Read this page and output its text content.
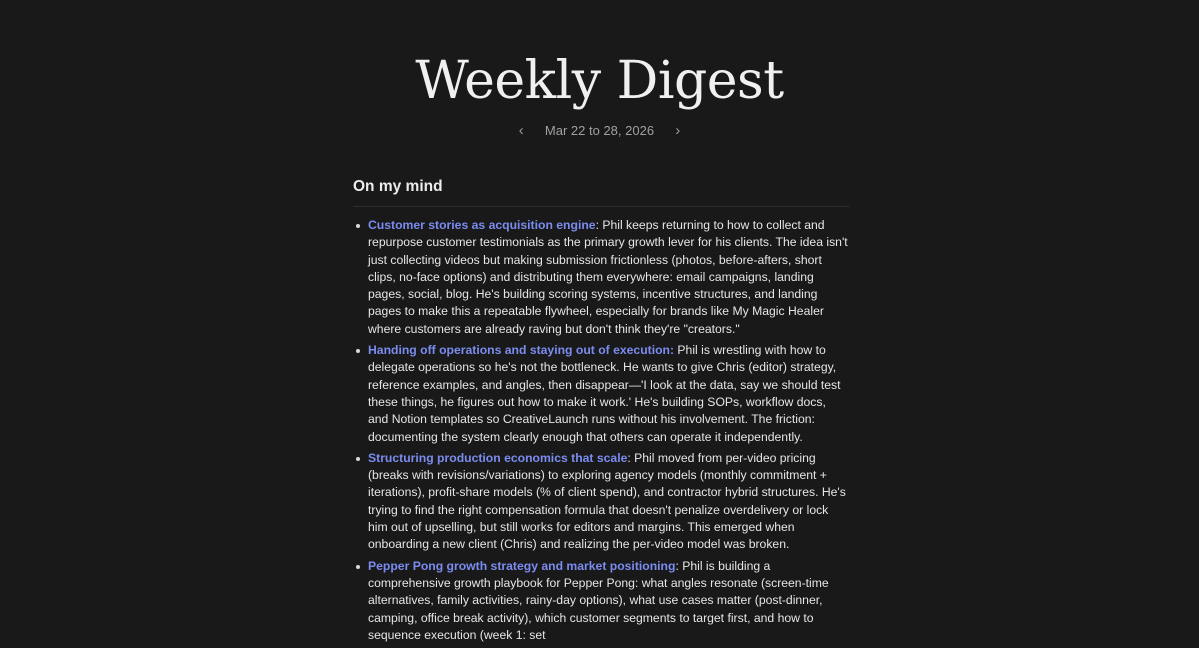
Weekly Digest
‹ Mar 22 to 28, 2026 ›
On my mind
Customer stories as acquisition engine: Phil keeps returning to how to collect and repurpose customer testimonials as the primary growth lever for his clients. The idea isn't just collecting videos but making submission frictionless (photos, before-afters, short clips, no-face options) and distributing them everywhere: email campaigns, landing pages, social, blog. He's building scoring systems, incentive structures, and landing pages to make this a repeatable flywheel, especially for brands like My Magic Healer where customers are already raving but don't think they're "creators."
Handing off operations and staying out of execution: Phil is wrestling with how to delegate operations so he's not the bottleneck. He wants to give Chris (editor) strategy, reference examples, and angles, then disappear—'I look at the data, say we should test these things, he figures out how to make it work.' He's building SOPs, workflow docs, and Notion templates so CreativeLaunch runs without his involvement. The friction: documenting the system clearly enough that others can operate it independently.
Structuring production economics that scale: Phil moved from per-video pricing (breaks with revisions/variations) to exploring agency models (monthly commitment + iterations), profit-share models (% of client spend), and contractor hybrid structures. He's trying to find the right compensation formula that doesn't penalize overdelivery or lock him out of upselling, but still works for editors and margins. This emerged when onboarding a new client (Chris) and realizing the per-video model was broken.
Pepper Pong growth strategy and market positioning: Phil is building a comprehensive growth playbook for Pepper Pong: what angles resonate (screen-time alternatives, family activities, rainy-day options), what use cases matter (post-dinner, camping, office break activity), which customer segments to target first, and how to sequence execution (week 1: set
